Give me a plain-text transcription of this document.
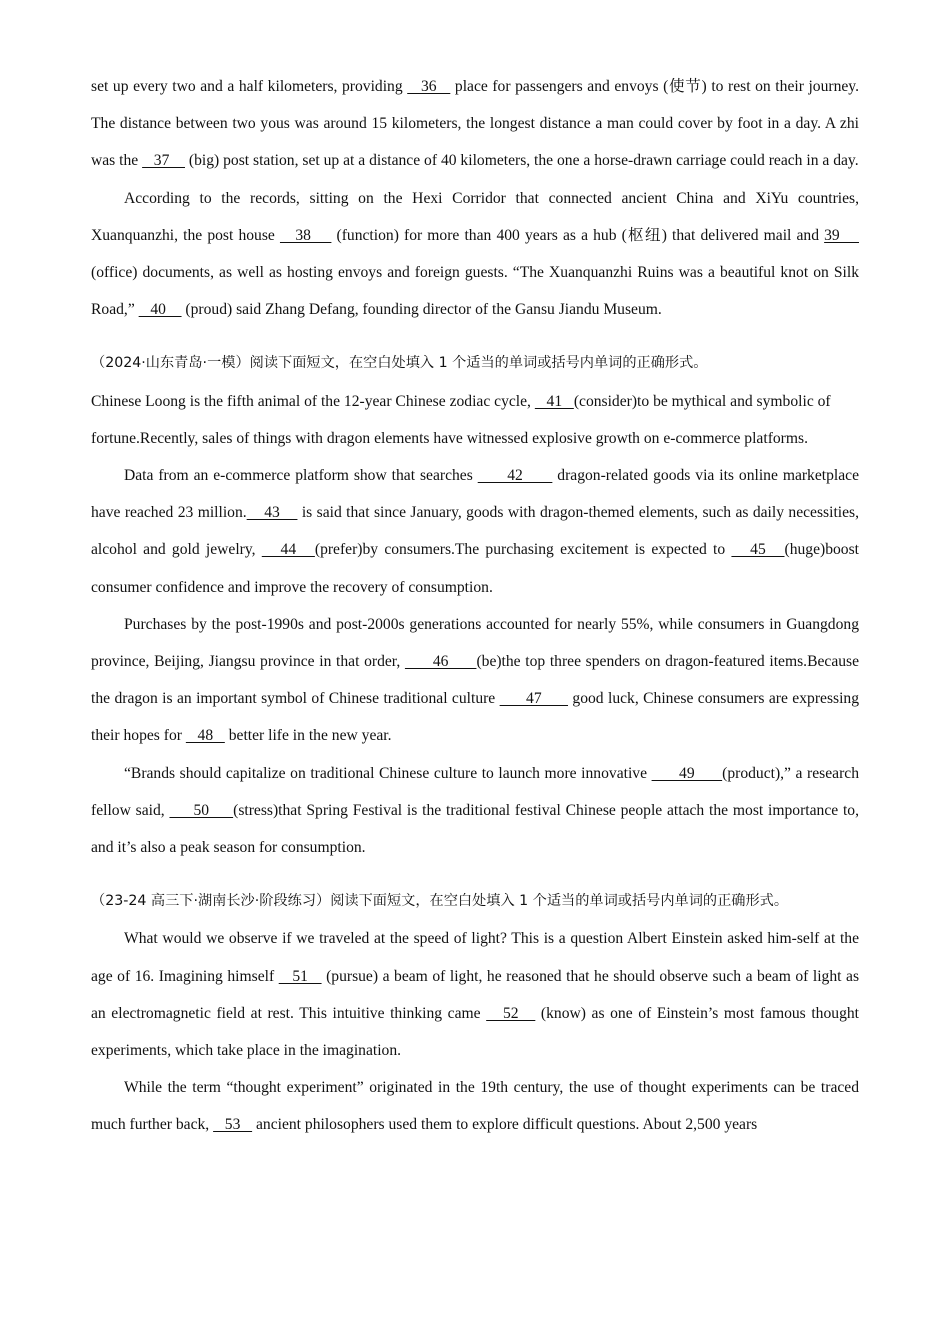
set up every two and a half kilometers, providing    36    place for passengers and envoys (使节) to rest on their journey. The distance between two yous was around 15 kilometers, the longest distance a man could cover by foot in a day. A zhi was the    37     (big) post station, set up at a distance of 40 kilometers, the one a horse-drawn carriage could reach in a day.

According to the records, sitting on the Hexi Corridor that connected ancient China and XiYu countries, Xuanquanzhi, the post house    38     (function) for more than 400 years as a hub (枢纽) that delivered mail and 39     (office) documents, as well as hosting envoys and foreign guests. “The Xuanquanzhi Ruins was a beautiful knot on Silk Road,”    40     (proud) said Zhang Defang, founding director of the Gansu Jiandu Museum.

（2024·山东青岛·一模）阅读下面短文，在空白处填入 1 个适当的单词或括号内单词的正确形式。

Chinese Loong is the fifth animal of the 12-year Chinese zodiac cycle,    41   (consider)to be mythical and symbolic of fortune.Recently, sales of things with dragon elements have witnessed explosive growth on e-commerce platforms.

Data from an e-commerce platform show that searches       42       dragon-related goods via its online marketplace have reached 23 million.    43     is said that since January, goods with dragon-themed elements, such as daily necessities, alcohol and gold jewelry,    44   (prefer)by consumers.The purchasing excitement is expected to    45   (huge)boost consumer confidence and improve the recovery of consumption.

Purchases by the post-1990s and post-2000s generations accounted for nearly 55%, while consumers in Guangdong province, Beijing, Jiangsu province in that order,       46      (be)the top three spenders on dragon-featured items.Because the dragon is an important symbol of Chinese traditional culture       47       good luck, Chinese consumers are expressing their hopes for    48    better life in the new year.

“Brands should capitalize on traditional Chinese culture to launch more innovative       49      (product),” a research fellow said,      50     (stress)that Spring Festival is the traditional festival Chinese people attach the most importance to, and it’s also a peak season for consumption.

（23-24 高三下·湖南长沙·阶段练习）阅读下面短文，在空白处填入 1 个适当的单词或括号内单词的正确形式。

What would we observe if we traveled at the speed of light? This is a question Albert Einstein asked him-self at the age of 16. Imagining himself    51    (pursue) a beam of light, he reasoned that he should observe such a beam of light as an electromagnetic field at rest. This intuitive thinking came    52    (know) as one of Einstein’s most famous thought experiments, which take place in the imagination.

While the term “thought experiment” originated in the 19th century, the use of thought experiments can be traced much further back,    53    ancient philosophers used them to explore difficult questions. About 2,500 years
